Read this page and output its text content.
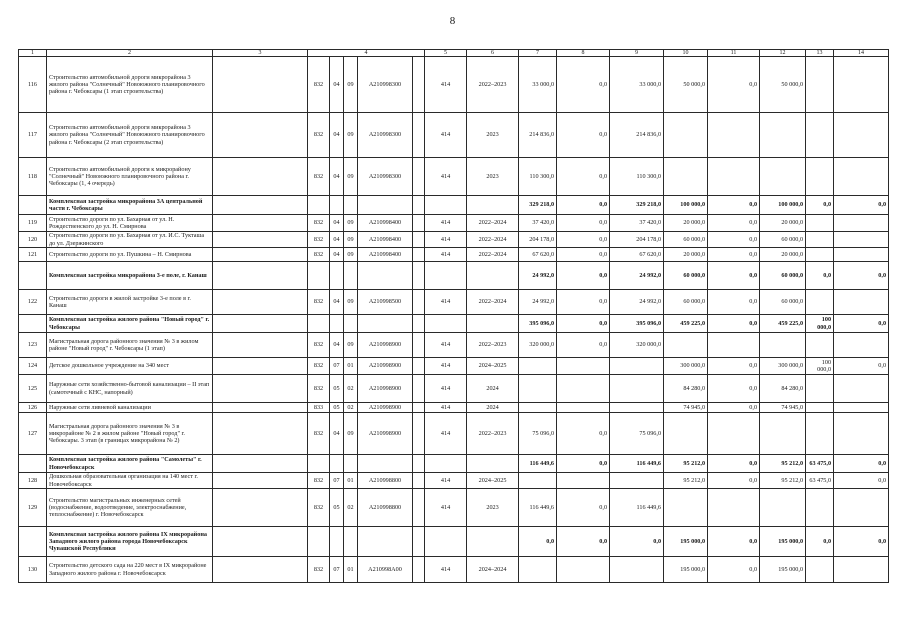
8
1	2	3	4					5	6	7	8	9	10	11	12	13	14	
116	Строительство автомобильной дороги микрорайона 3 жилого района "Солнечный" Новоюжного планировочного района г. Чебоксары (1 этап строительства)		832	04	09	A210998300		414	2022–2023	33 000,0	0,0	33 000,0	50 000,0	0,0	50 000,0			
117	Строительство автомобильной дороги микрорайона 3 жилого района "Солнечный" Новоюжного планировочного района г. Чебоксары (2 этап строительства)		832	04	09	A210998300		414	2023	214 836,0	0,0	214 836,0						
118	Строительство автомобильной дороги к микрорайону "Солнечный" Новоюжного планировочного района г. Чебоксары (1, 4 очередь)		832	04	09	A210998300		414	2023	110 300,0	0,0	110 300,0						
	Комплексная застройка микрорайона 3А центральной части г. Чебоксары									329 218,0	0,0	329 218,0	100 000,0	0,0	100 000,0	0,0	0,0	
119	Строительство дороги по ул. Бахарная от ул. Н. Рождественского до ул. Н. Смирнова		832	04	09	A210998400		414	2022–2024	37 420,0	0,0	37 420,0	20 000,0	0,0	20 000,0			
120	Строительство дороги по ул. Бахарная от ул. И.С. Тукташа до ул. Дзержинского		832	04	09	A210998400		414	2022–2024	204 178,0	0,0	204 178,0	60 000,0	0,0	60 000,0			
121	Строительство дороги по ул. Пушкина – Н. Смирнова		832	04	09	A210998400		414	2022–2024	67 620,0	0,0	67 620,0	20 000,0	0,0	20 000,0			
	Комплексная застройка микрорайона 3-е поле, г. Канаш									24 992,0	0,0	24 992,0	60 000,0	0,0	60 000,0	0,0	0,0	
122	Строительство дороги в жилой застройке 3-е поле в г. Канаш		832	04	09	A210998500		414	2022–2024	24 992,0	0,0	24 992,0	60 000,0	0,0	60 000,0			
	Комплексная застройка жилого района "Новый город" г. Чебоксары									395 096,0	0,0	395 096,0	459 225,0	0,0	459 225,0	100 000,0	0,0	
123	Магистральная дорога районного значения № 3 в жилом районе "Новый город" г. Чебоксары (1 этап)		832	04	09	A210998900		414	2022–2023	320 000,0	0,0	320 000,0						
124	Детское дошкольное учреждение на 340 мест		832	07	01	A210998900		414	2024–2025				300 000,0	0,0	300 000,0	100 000,0	0,0	
125	Наружные сети хозяйственно-бытовой канализации – II этап (самотечный с КНС, напорный)		832	05	02	A210998900		414	2024				84 280,0	0,0	84 280,0			
126	Наружные сети ливневой канализации		833	05	02	A210998900		414	2024				74 945,0	0,0	74 945,0			
127	Магистральная дорога районного значения № 3 в микрорайоне № 2 в жилом районе "Новый город" г. Чебоксары. 3 этап (в границах микрорайона № 2)		832	04	09	A210998900		414	2022–2023	75 096,0	0,0	75 096,0						
	Комплексная застройка жилого района "Самолеты" г. Новочебоксарск									116 449,6	0,0	116 449,6	95 212,0	0,0	95 212,0	63 475,0	0,0	
128	Дошкольная образовательная организация на 140 мест г. Новочебоксарск		832	07	01	A210998800		414	2024–2025				95 212,0	0,0	95 212,0	63 475,0	0,0	
129	Строительство магистральных инженерных сетей (водоснабжение, водоотведение, электроснабжение, теплоснабжение) г. Новочебоксарск		832	05	02	A210998800		414	2023	116 449,6	0,0	116 449,6						
	Комплексная застройка жилого района IX микрорайона Западного жилого района города Новочебоксарск Чувашской Республики									0,0	0,0	0,0	195 000,0	0,0	195 000,0	0,0	0,0	
130	Строительство детского сада на 220 мест в IX микрорайоне Западного жилого района г. Новочебоксарск		832	07	01	A210998A00		414	2024–2024				195 000,0	0,0	195 000,0			
